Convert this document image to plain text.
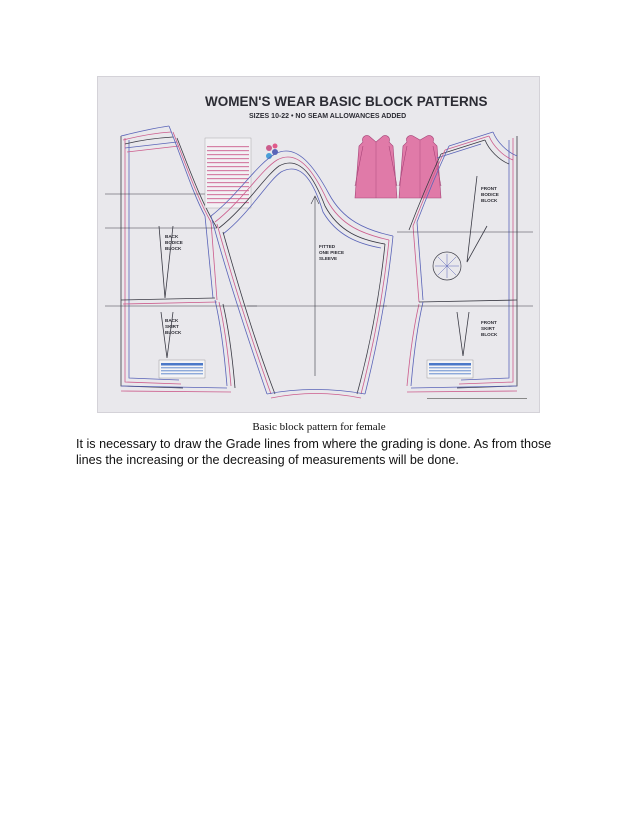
WOMEN'S WEAR BASIC BLOCK PATTERNS
SIZES 10-22 • NO SEAM ALLOWANCES ADDED
BACK
BODICE
BLOCK
BACK
SKIRT
BLOCK
FITTED
ONE PIECE
SLEEVE
FRONT
BODICE
BLOCK
FRONT
SKIRT
BLOCK
Basic block pattern for female

It is necessary to draw the Grade lines from where the grading is done. As from those lines the increasing or the decreasing of measurements will be done.
